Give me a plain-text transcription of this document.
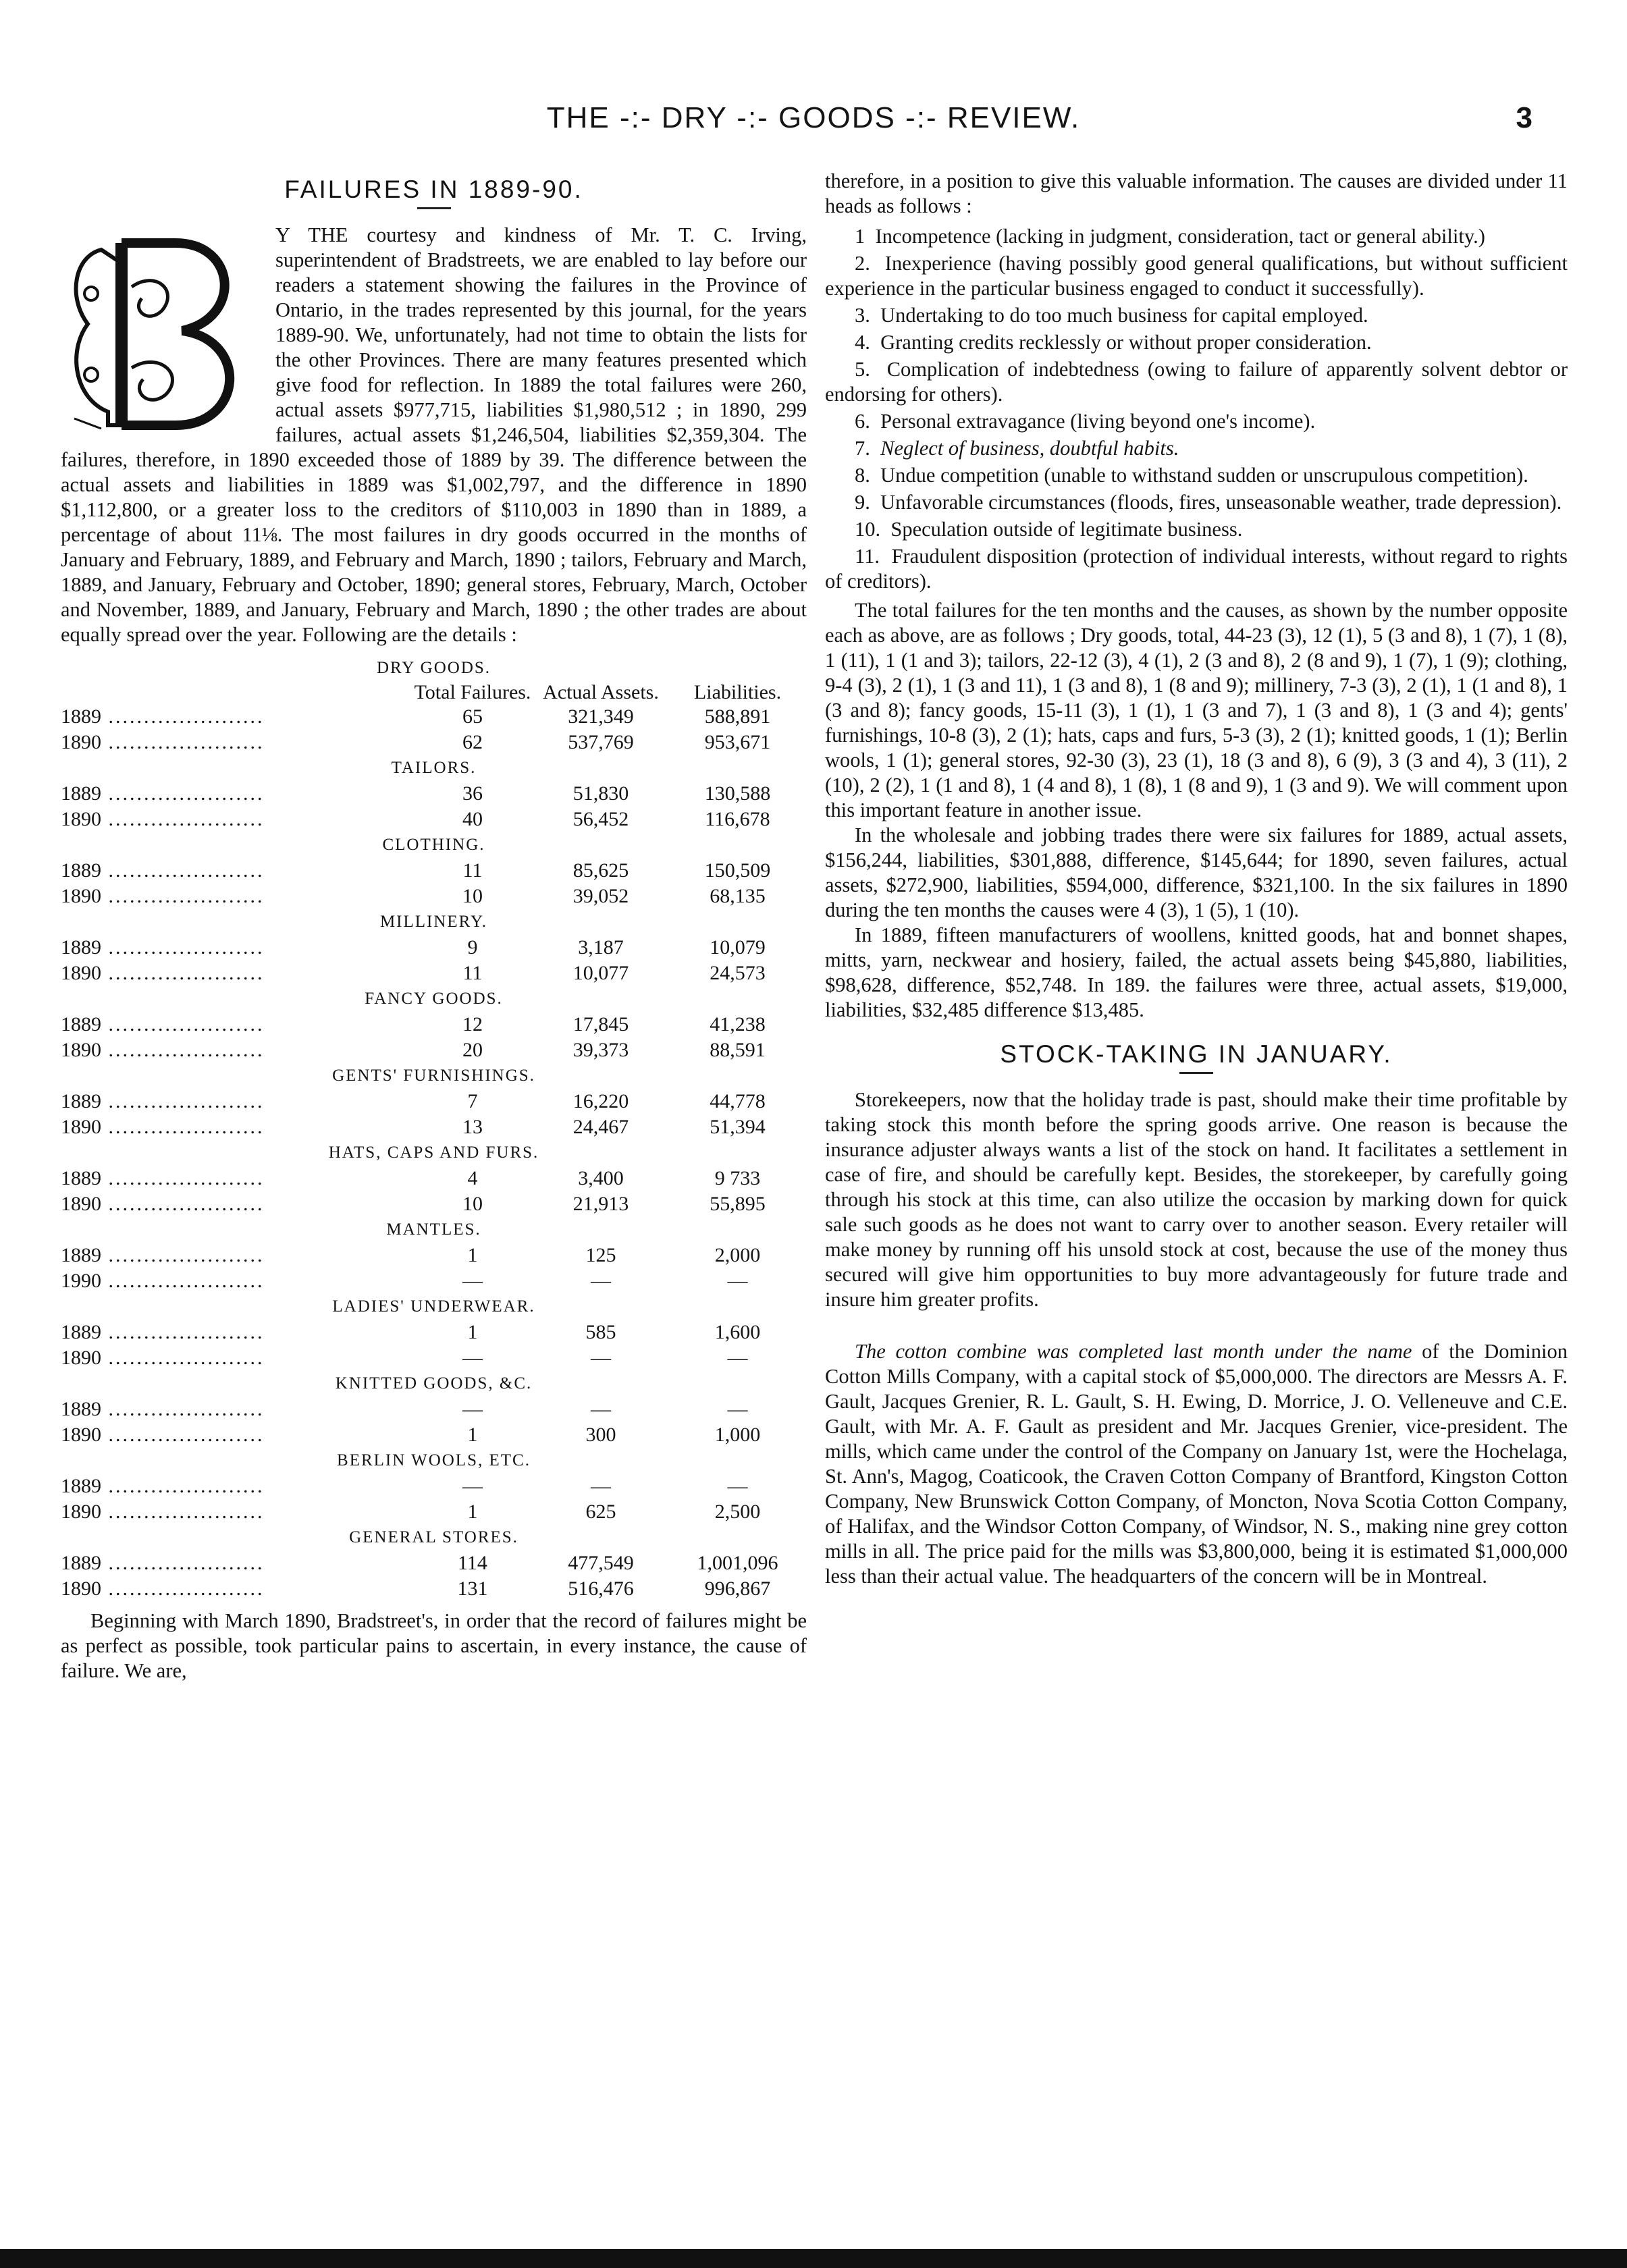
THE -:- DRY -:- GOODS -:- REVIEW.	3
FAILURES IN 1889-90.

Y THE courtesy and kindness of Mr. T. C. Irving, superintendent of Bradstreets, we are enabled to lay before our readers a statement showing the failures in the Province of Ontario, in the trades represented by this journal, for the years 1889-90. We, unfortunately, had not time to obtain the lists for the other Provinces. There are many features presented which give food for reflection. In 1889 the total failures were 260, actual assets $977,715, liabilities $1,980,512 ; in 1890, 299 failures, actual assets $1,246,504, liabilities $2,359,304. The failures, therefore, in 1890 exceeded those of 1889 by 39. The difference between the actual assets and liabilities in 1889 was $1,002,797, and the difference in 1890 $1,112,800, or a greater loss to the creditors of $110,003 in 1890 than in 1889, a percentage of about 11⅛. The most failures in dry goods occurred in the months of January and February, 1889, and February and March, 1890 ; tailors, February and March, 1889, and January, February and October, 1890; general stores, February, March, October and November, 1889, and January, February and March, 1890 ; the other trades are about equally spread over the year. Following are the details :

DRY GOODS.			
	Total Failures.	Actual Assets.	Liabilities.
1889 ......................	65	321,349	588,891
1890 ......................	62	537,769	953,671
TAILORS.			
1889 ......................	36	51,830	130,588
1890 ......................	40	56,452	116,678
CLOTHING.			
1889 ......................	11	85,625	150,509
1890 ......................	10	39,052	68,135
MILLINERY.			
1889 ......................	9	3,187	10,079
1890 ......................	11	10,077	24,573
FANCY GOODS.			
1889 ......................	12	17,845	41,238
1890 ......................	20	39,373	88,591
GENTS' FURNISHINGS.			
1889 ......................	7	16,220	44,778
1890 ......................	13	24,467	51,394
HATS, CAPS AND FURS.			
1889 ......................	4	3,400	9 733
1890 ......................	10	21,913	55,895
MANTLES.			
1889 ......................	1	125	2,000
1990 ......................	—	—	—
LADIES' UNDERWEAR.			
1889 ......................	1	585	1,600
1890 ......................	—	—	—
KNITTED GOODS, &C.			
1889 ......................	—	—	—
1890 ......................	1	300	1,000
BERLIN WOOLS, ETC.			
1889 ......................	—	—	—
1890 ......................	1	625	2,500
GENERAL STORES.			
1889 ......................	114	477,549	1,001,096
1890 ......................	131	516,476	996,867

Beginning with March 1890, Bradstreet's, in order that the record of failures might be as perfect as possible, took particular pains to ascertain, in every instance, the cause of failure. We are,

therefore, in a position to give this valuable information. The causes are divided under 11 heads as follows :

1 Incompetence (lacking in judgment, consideration, tact or general ability.)

2. Inexperience (having possibly good general qualifications, but without sufficient experience in the particular business engaged to conduct it successfully).

3. Undertaking to do too much business for capital employed.

4. Granting credits recklessly or without proper consideration.

5. Complication of indebtedness (owing to failure of apparently solvent debtor or endorsing for others).

6. Personal extravagance (living beyond one's income).

7. Neglect of business, doubtful habits.

8. Undue competition (unable to withstand sudden or unscrupulous competition).

9. Unfavorable circumstances (floods, fires, unseasonable weather, trade depression).

10. Speculation outside of legitimate business.

11. Fraudulent disposition (protection of individual interests, without regard to rights of creditors).

The total failures for the ten months and the causes, as shown by the number opposite each as above, are as follows ; Dry goods, total, 44-23 (3), 12 (1), 5 (3 and 8), 1 (7), 1 (8), 1 (11), 1 (1 and 3); tailors, 22-12 (3), 4 (1), 2 (3 and 8), 2 (8 and 9), 1 (7), 1 (9); clothing, 9-4 (3), 2 (1), 1 (3 and 11), 1 (3 and 8), 1 (8 and 9); millinery, 7-3 (3), 2 (1), 1 (1 and 8), 1 (3 and 8); fancy goods, 15-11 (3), 1 (1), 1 (3 and 7), 1 (3 and 8), 1 (3 and 4); gents' furnishings, 10-8 (3), 2 (1); hats, caps and furs, 5-3 (3), 2 (1); knitted goods, 1 (1); Berlin wools, 1 (1); general stores, 92-30 (3), 23 (1), 18 (3 and 8), 6 (9), 3 (3 and 4), 3 (11), 2 (10), 2 (2), 1 (1 and 8), 1 (4 and 8), 1 (8), 1 (8 and 9), 1 (3 and 9). We will comment upon this important feature in another issue.

In the wholesale and jobbing trades there were six failures for 1889, actual assets, $156,244, liabilities, $301,888, difference, $145,644; for 1890, seven failures, actual assets, $272,900, liabilities, $594,000, difference, $321,100. In the six failures in 1890 during the ten months the causes were 4 (3), 1 (5), 1 (10).

In 1889, fifteen manufacturers of woollens, knitted goods, hat and bonnet shapes, mitts, yarn, neckwear and hosiery, failed, the actual assets being $45,880, liabilities, $98,628, difference, $52,748. In 189. the failures were three, actual assets, $19,000, liabilities, $32,485 difference $13,485.

STOCK-TAKING IN JANUARY.

Storekeepers, now that the holiday trade is past, should make their time profitable by taking stock this month before the spring goods arrive. One reason is because the insurance adjuster always wants a list of the stock on hand. It facilitates a settlement in case of fire, and should be carefully kept. Besides, the storekeeper, by carefully going through his stock at this time, can also utilize the occasion by marking down for quick sale such goods as he does not want to carry over to another season. Every retailer will make money by running off his unsold stock at cost, because the use of the money thus secured will give him opportunities to buy more advantageously for future trade and insure him greater profits.

The cotton combine was completed last month under the name of the Dominion Cotton Mills Company, with a capital stock of $5,000,000. The directors are Messrs A. F. Gault, Jacques Grenier, R. L. Gault, S. H. Ewing, D. Morrice, J. O. Velleneuve and C.E. Gault, with Mr. A. F. Gault as president and Mr. Jacques Grenier, vice-president. The mills, which came under the control of the Company on January 1st, were the Hochelaga, St. Ann's, Magog, Coaticook, the Craven Cotton Company of Brantford, Kingston Cotton Company, New Brunswick Cotton Company, of Moncton, Nova Scotia Cotton Company, of Halifax, and the Windsor Cotton Company, of Windsor, N. S., making nine grey cotton mills in all. The price paid for the mills was $3,800,000, being it is estimated $1,000,000 less than their actual value. The headquarters of the concern will be in Montreal.
